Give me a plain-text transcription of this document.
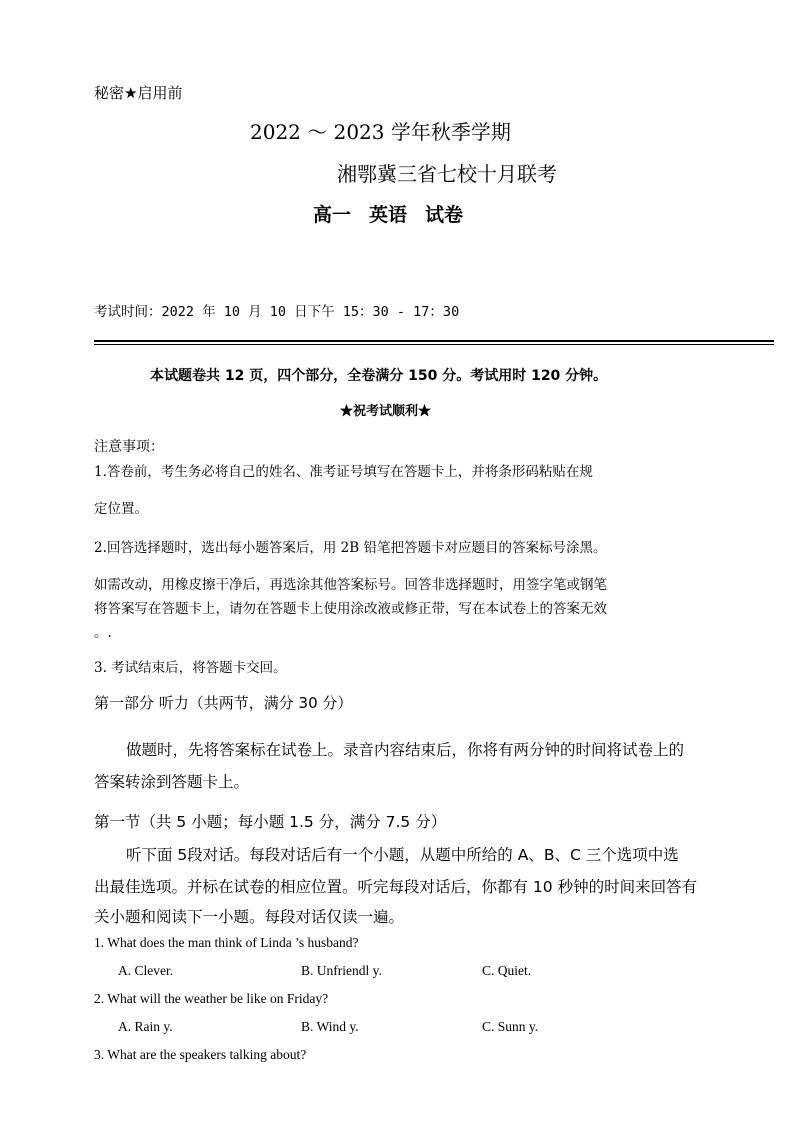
秘密★启用前
2022 ～ 2023 学年秋季学期
湘鄂冀三省七校十月联考
高一 英语 试卷
考试时间：2022 年 10 月 10 日下午 15：30 - 17：30
本试题卷共 12 页，四个部分，全卷满分 150 分。考试用时 120 分钟。
★祝考试顺利★
注意事项：
1.答卷前，考生务必将自己的姓名、准考证号填写在答题卡上，并将条形码粘贴在规
定位置。
2.回答选择题时，选出每小题答案后，用 2B 铅笔把答题卡对应题目的答案标号涂黑。
如需改动，用橡皮擦干净后，再选涂其他答案标号。回答非选择题时，用签字笔或钢笔
将答案写在答题卡上，请勿在答题卡上使用涂改液或修正带，写在本试卷上的答案无效
。.
3. 考试结束后，将答题卡交回。
第一部分 听力（共两节，满分 30 分）
做题时，先将答案标在试卷上。录音内容结束后，你将有两分钟的时间将试卷上的
答案转涂到答题卡上。
第一节（共 5 小题；每小题 1.5 分，满分 7.5 分）
听下面 5段对话。每段对话后有一个小题，从题中所给的 A、B、C 三个选项中选
出最佳选项。并标在试卷的相应位置。听完每段对话后，你都有 10 秒钟的时间来回答有
关小题和阅读下一小题。每段对话仅读一遍。
1. What does the man think of Linda ’s husband?
A. Clever.	B. Unfriendl y.	C. Quiet.
2. What will the weather be like on Friday?
A. Rain y.	B. Wind y.	C. Sunn y.
3. What are the speakers talking about?
